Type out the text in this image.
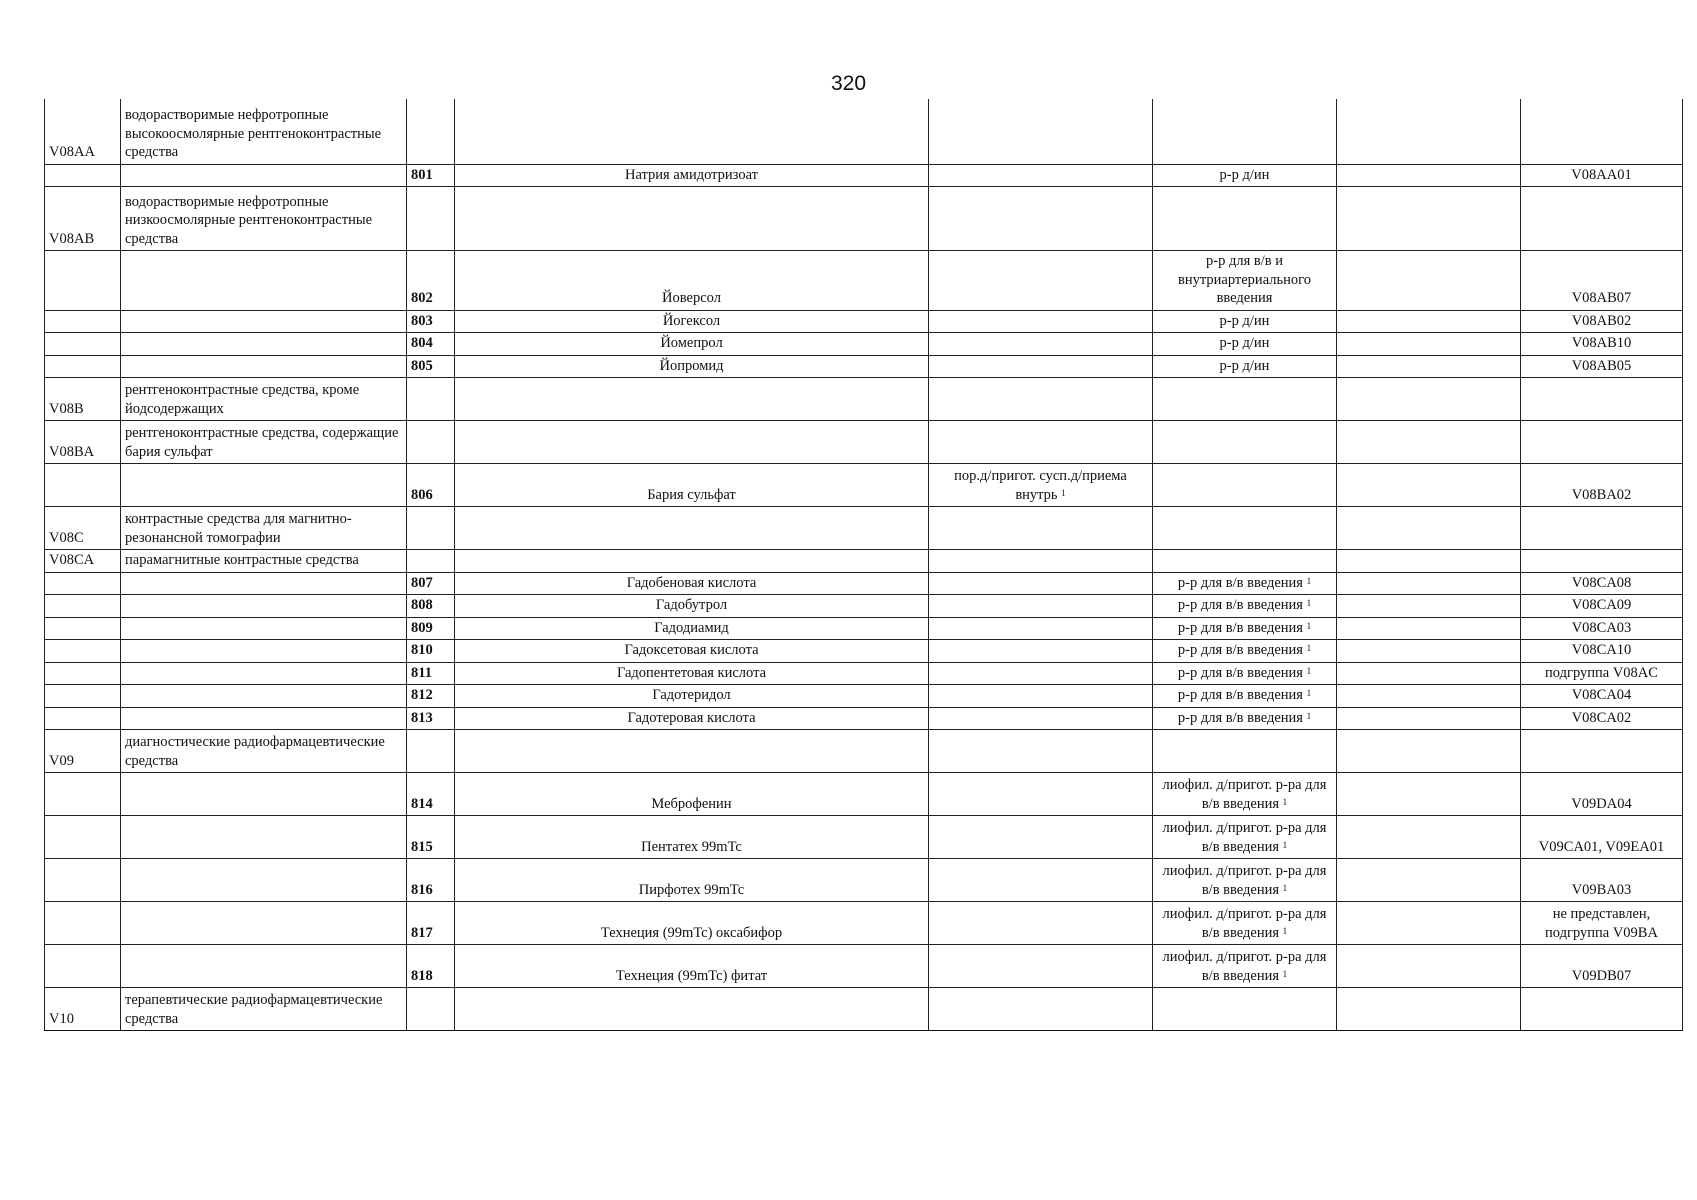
320
V08AA	водорастворимые нефротропные высокоосмолярные рентгеноконтрастные средства						
		801	Натрия амидотризоат		р-р д/ин		V08AA01
V08AB	водорастворимые нефротропные низкоосмолярные рентгеноконтрастные средства						
		802	Йоверсол		р-р для в/в и внутриартериального введения		V08AB07
		803	Йогексол		р-р д/ин		V08AB02
		804	Йомепрол		р-р д/ин		V08AB10
		805	Йопромид		р-р д/ин		V08AB05
V08B	рентгеноконтрастные средства, кроме йодсодержащих						
V08BA	рентгеноконтрастные средства, содержащие бария сульфат						
		806	Бария сульфат	пор.д/пригот. сусп.д/приема внутрь $^1$			V08BA02
V08C	контрастные средства для магнитно-резонансной томографии						
V08CA	парамагнитные контрастные средства						
		807	Гадобеновая кислота		р-р для в/в введения $^1$		V08CA08
		808	Гадобутрол		р-р для в/в введения $^1$		V08CA09
		809	Гадодиамид		р-р для в/в введения $^1$		V08CA03
		810	Гадоксетовая кислота		р-р для в/в введения $^1$		V08CA10
		811	Гадопентетовая кислота		р-р для в/в введения $^1$		подгруппа V08AC
		812	Гадотеридол		р-р для в/в введения $^1$		V08CA04
		813	Гадотеровая кислота		р-р для в/в введения $^1$		V08CA02
V09	диагностические радиофармацевтические средства						
		814	Меброфенин		лиофил. д/пригот. р-ра для в/в введения $^1$		V09DA04
		815	Пентатех 99mTc		лиофил. д/пригот. р-ра для в/в введения $^1$		V09CA01, V09EA01
		816	Пирфотех 99mTc		лиофил. д/пригот. р-ра для в/в введения $^1$		V09BA03
		817	Технеция (99mTc) оксабифор		лиофил. д/пригот. р-ра для в/в введения $^1$		не представлен, подгруппа V09BA
		818	Технеция (99mTc) фитат		лиофил. д/пригот. р-ра для в/в введения $^1$		V09DB07
V10	терапевтические радиофармацевтические средства						
